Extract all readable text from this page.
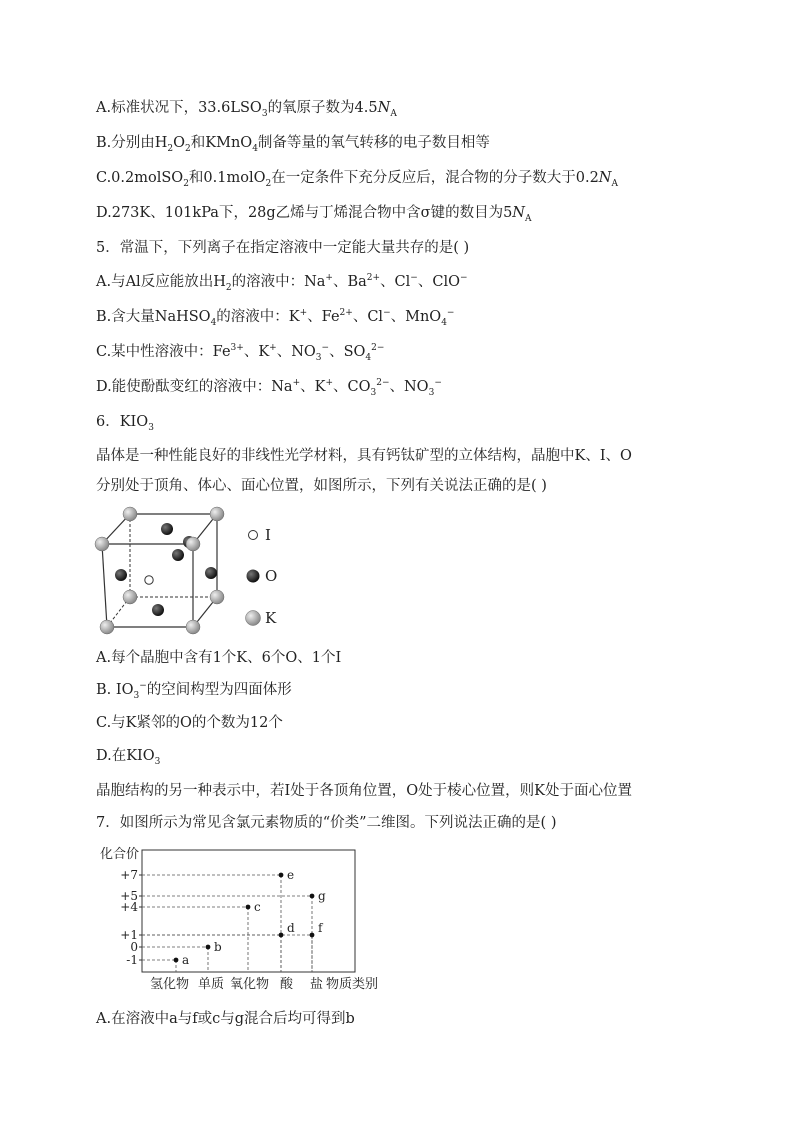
A.标准状况下，$33.6LSO_3$的氧原子数为$4.5N_A$
B.分别由$H_2O_2$和KMnO$_4$制备等量的氧气转移的电子数目相等
C.0.2molSO$_2$和0.1molO$_2$在一定条件下充分反应后，混合物的分子数大于$0.2N_A$
D.273K、101kPa下，28g乙烯与丁烯混合物中含σ键的数目为$5N_A$
5．常温下，下列离子在指定溶液中一定能大量共存的是( )
A.与Al反应能放出$H_2$的溶液中：Na+、$Ba^{2+}$、Cl−、ClO−
B.含大量NaHSO$_4$的溶液中：K+、$Fe^{2+}$、Cl−、MnO$_4$−
C.某中性溶液中：$Fe^{3+}$、K+、$NO_3^-$、$SO_4^{2-}$
D.能使酚酞变红的溶液中：Na+、K+、$CO_3^{2-}$、$NO_3^-$
6．$KIO_3$
晶体是一种性能良好的非线性光学材料，具有钙钛矿型的立体结构，晶胞中K、I、O
分别处于顶角、体心、面心位置，如图所示，下列有关说法正确的是( )
I
O
K
A.每个晶胞中含有1个K、6个O、1个I
B. $IO_3^-$的空间构型为四面体形
C.与K紧邻的O的个数为12个
D.在$KIO_3$
晶胞结构的另一种表示中，若I处于各顶角位置，O处于棱心位置，则K处于面心位置
7．如图所示为常见含氯元素物质的“价类”二维图。下列说法正确的是( )
化合价
+7
+5
+4
+1
0
-1	a
b
c
d
e
f
g
氢化物 单质 氧化物 酸 盐 物质类别
A.在溶液中a与f或c与g混合后均可得到b
